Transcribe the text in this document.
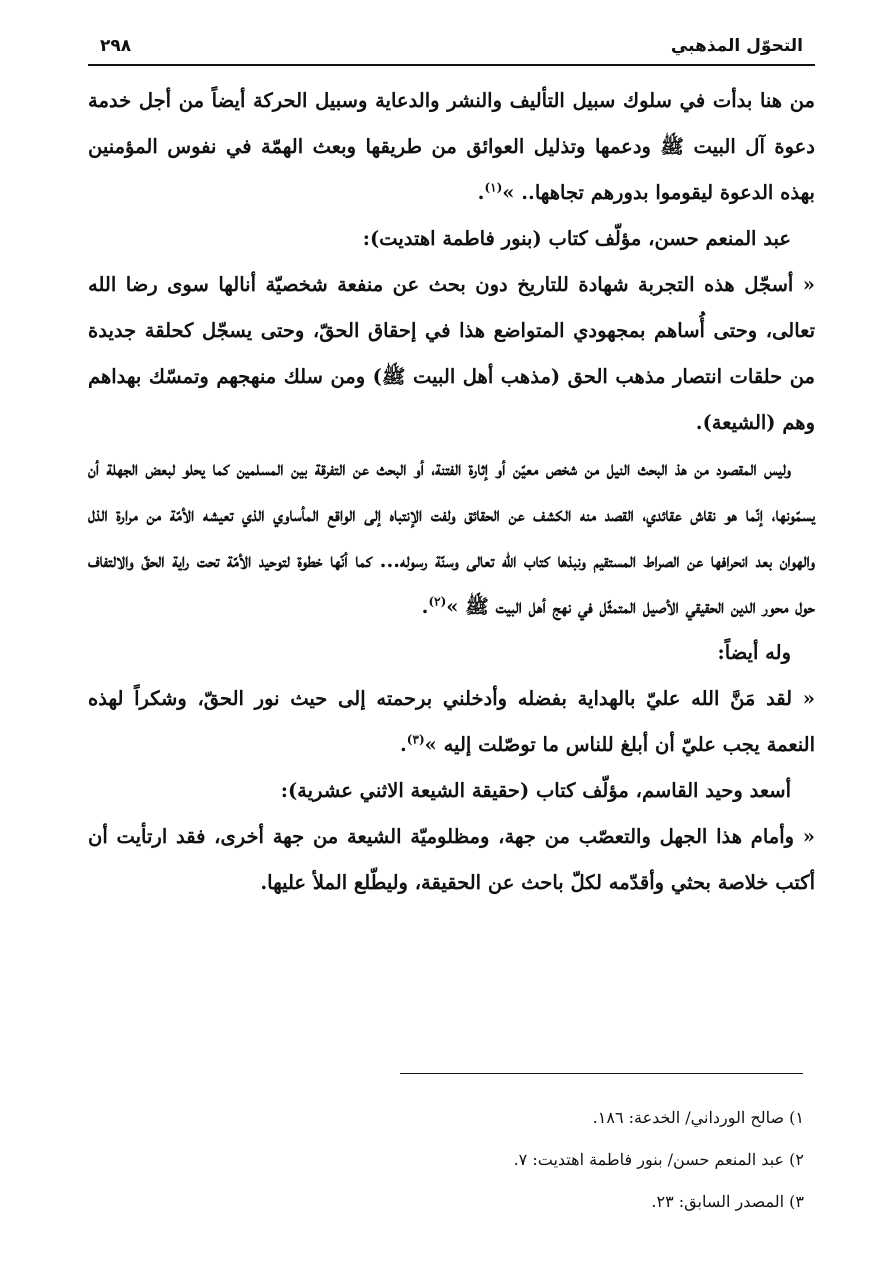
التحوّل المذهبي
٢٩٨

من هنا بدأت في سلوك سبيل التأليف والنشر والدعاية وسبيل الحركة أيضاً من أجل خدمة دعوة آل البيت ﷺ ودعمها وتذليل العوائق من طريقها وبعث الهمّة في نفوس المؤمنين بهذه الدعوة ليقوموا بدورهم تجاهها.. »$^{(١)}$.

عبد المنعم حسن، مؤلّف كتاب (بنور فاطمة اهتديت):

« أسجّل هذه التجربة شهادة للتاريخ دون بحث عن منفعة شخصيّة أنالها سوى رضا الله تعالى، وحتى أُساهم بمجهودي المتواضع هذا في إحقاق الحقّ، وحتى يسجّل كحلقة جديدة من حلقات انتصار مذهب الحق (مذهب أهل البيت ﷺ) ومن سلك منهجهم وتمسّك بهداهم وهم (الشيعة).

وليس المقصود من هذ البحث النيل من شخص معيّن أو إثارة الفتنة، أو البحث عن التفرقة بين المسلمين كما يحلو لبعض الجهلة أن يسمّونها، إنّما هو نقاش عقائدي، القصد منه الكشف عن الحقائق ولفت الإنتباه إلى الواقع المأساوي الذي تعيشه الأمّة من مرارة الذل والهوان بعد انحرافها عن الصراط المستقيم ونبذها كتاب الله تعالى وسنّة رسوله... كما أنّها خطوة لتوحيد الأمّة تحت راية الحقّ والالتفاف حول محور الدين الحقيقي الأصيل المتمثّل في نهج أهل البيت ﷺ »$^{(٢)}$.

وله أيضاً:

« لقد مَنَّ الله عليّ بالهداية بفضله وأدخلني برحمته إلى حيث نور الحقّ، وشكراً لهذه النعمة يجب عليّ أن أبلغ للناس ما توصّلت إليه »$^{(٣)}$.

أسعد وحيد القاسم، مؤلّف كتاب (حقيقة الشيعة الاثني عشرية):

« وأمام هذا الجهل والتعصّب من جهة، ومظلوميّة الشيعة من جهة أخرى، فقد ارتأيت أن أكتب خلاصة بحثي وأقدّمه لكلّ باحث عن الحقيقة، وليطّلع الملأ عليها.

١) صالح الورداني/ الخدعة: ١٨٦.

٢) عبد المنعم حسن/ بنور فاطمة اهتديت: ٧.

٣) المصدر السابق: ٢٣.
